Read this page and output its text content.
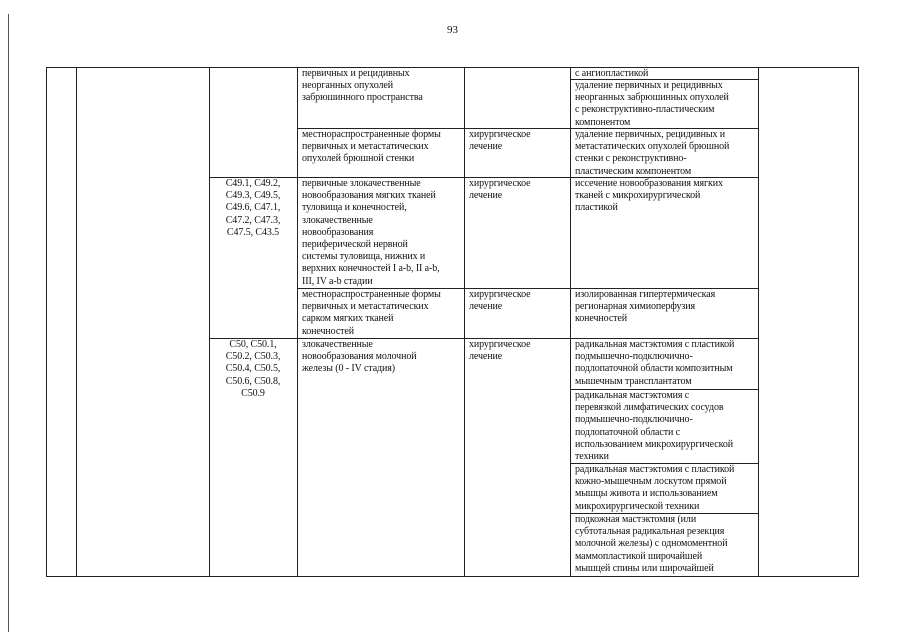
93
первичных и рецидивных
неорганных опухолей
забрюшинного пространства
с ангиопластикой
удаление первичных и рецидивных
неорганных забрюшинных опухолей
с реконструктивно-пластическим
компонентом
местнораспространенные формы
первичных и метастатических
опухолей брюшной стенки
хирургическое
лечение
удаление первичных, рецидивных и
метастатических опухолей брюшной
стенки с реконструктивно-
пластическим компонентом
C49.1, C49.2,
C49.3, C49.5,
C49.6, C47.1,
C47.2, C47.3,
C47.5, C43.5
первичные злокачественные
новообразования мягких тканей
туловища и конечностей,
злокачественные
новообразования
периферической нервной
системы туловища, нижних и
верхних конечностей I a-b, II a-b,
III, IV a-b стадии
хирургическое
лечение
иссечение новообразования мягких
тканей с микрохирургической
пластикой
местнораспространенные формы
первичных и метастатических
сарком мягких тканей
конечностей
хирургическое
лечение
изолированная гипертермическая
регионарная химиоперфузия
конечностей
C50, C50.1,
C50.2, C50.3,
C50.4, C50.5,
C50.6, C50.8,
C50.9
злокачественные
новообразования молочной
железы (0 - IV стадия)
хирургическое
лечение
радикальная мастэктомия с пластикой
подмышечно-подключично-
подлопаточной области композитным
мышечным трансплантатом
радикальная мастэктомия с
перевязкой лимфатических сосудов
подмышечно-подключично-
подлопаточной области с
использованием микрохирургической
техники
радикальная мастэктомия с пластикой
кожно-мышечным лоскутом прямой
мышцы живота и использованием
микрохирургической техники
подкожная мастэктомия (или
субтотальная радикальная резекция
молочной железы) с одномоментной
маммопластикой широчайшей
мышцей спины или широчайшей
